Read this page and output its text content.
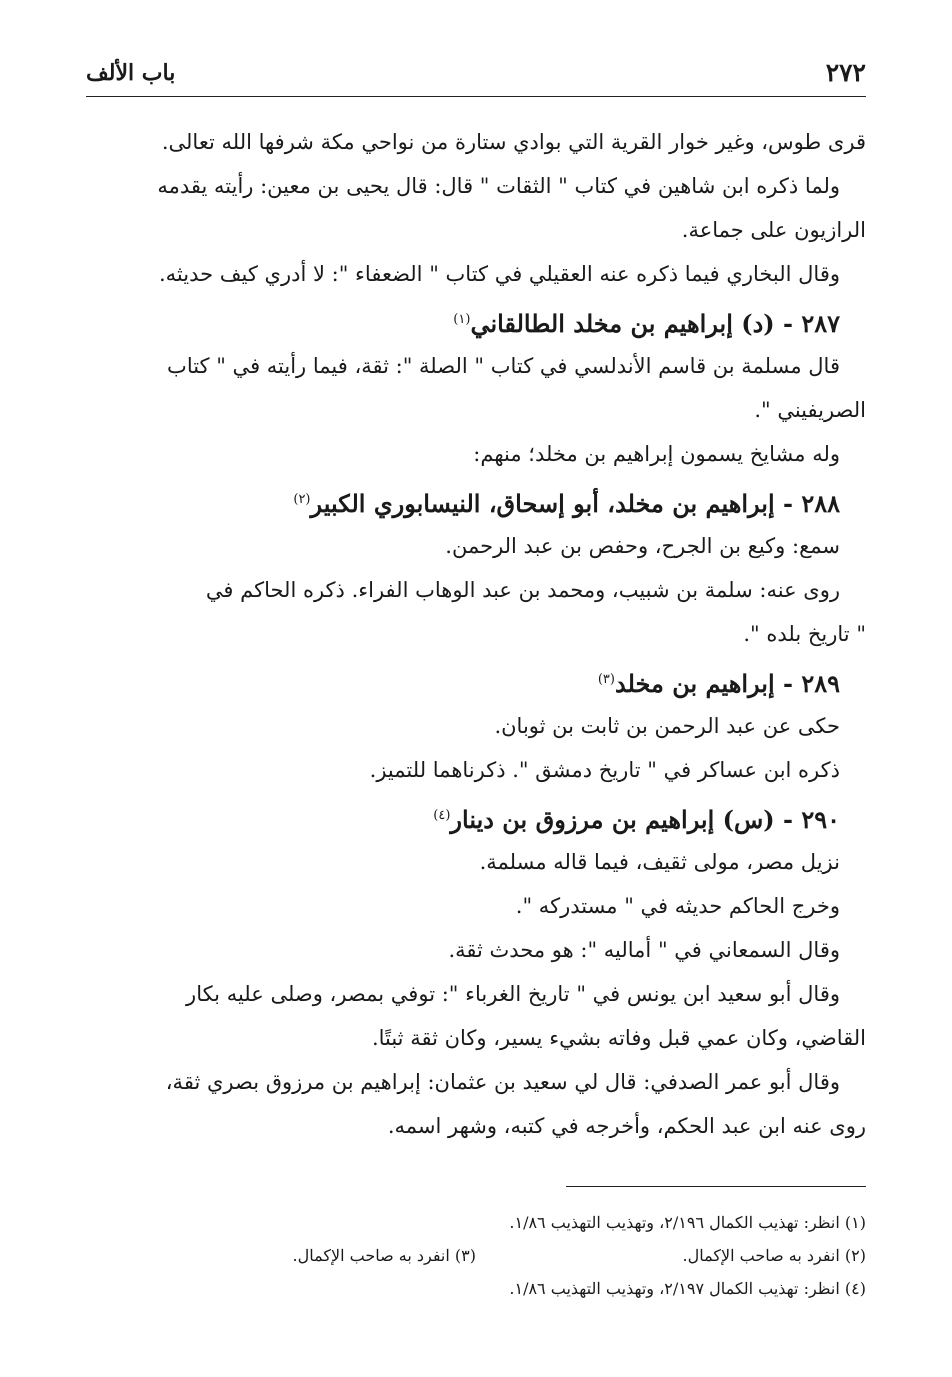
٢٧٢
باب الألف
قرى طوس، وغير خوار القرية التي بوادي ستارة من نواحي مكة شرفها الله تعالى.
ولما ذكره ابن شاهين في كتاب " الثقات " قال: قال يحيى بن معين: رأيته يقدمه
الرازيون على جماعة.
وقال البخاري فيما ذكره عنه العقيلي في كتاب " الضعفاء ": لا أدري كيف حديثه.
٢٨٧ - (د) إبراهيم بن مخلد الطالقاني$^{(١)}$
قال مسلمة بن قاسم الأندلسي في كتاب " الصلة ": ثقة، فيما رأيته في " كتاب
الصريفيني ".
وله مشايخ يسمون إبراهيم بن مخلد؛ منهم:
٢٨٨ - إبراهيم بن مخلد، أبو إسحاق، النيسابوري الكبير$^{(٢)}$
سمع: وكيع بن الجرح، وحفص بن عبد الرحمن.
روى عنه: سلمة بن شبيب، ومحمد بن عبد الوهاب الفراء. ذكره الحاكم في
" تاريخ بلده ".
٢٨٩ - إبراهيم بن مخلد$^{(٣)}$
حكى عن عبد الرحمن بن ثابت بن ثوبان.
ذكره ابن عساكر في " تاريخ دمشق ". ذكرناهما للتميز.
٢٩٠ - (س) إبراهيم بن مرزوق بن دينار$^{(٤)}$
نزيل مصر، مولى ثقيف، فيما قاله مسلمة.
وخرج الحاكم حديثه في " مستدركه ".
وقال السمعاني في " أماليه ": هو محدث ثقة.
وقال أبو سعيد ابن يونس في " تاريخ الغرباء ": توفي بمصر، وصلى عليه بكار
القاضي، وكان عمي قبل وفاته بشيء يسير، وكان ثقة ثبتًا.
وقال أبو عمر الصدفي: قال لي سعيد بن عثمان: إبراهيم بن مرزوق بصري ثقة،
روى عنه ابن عبد الحكم، وأخرجه في كتبه، وشهر اسمه.
(١) انظر: تهذيب الكمال ٢/١٩٦، وتهذيب التهذيب ١/٨٦.
(٢) انفرد به صاحب الإكمال.(٣) انفرد به صاحب الإكمال.
(٤) انظر: تهذيب الكمال ٢/١٩٧، وتهذيب التهذيب ١/٨٦.
